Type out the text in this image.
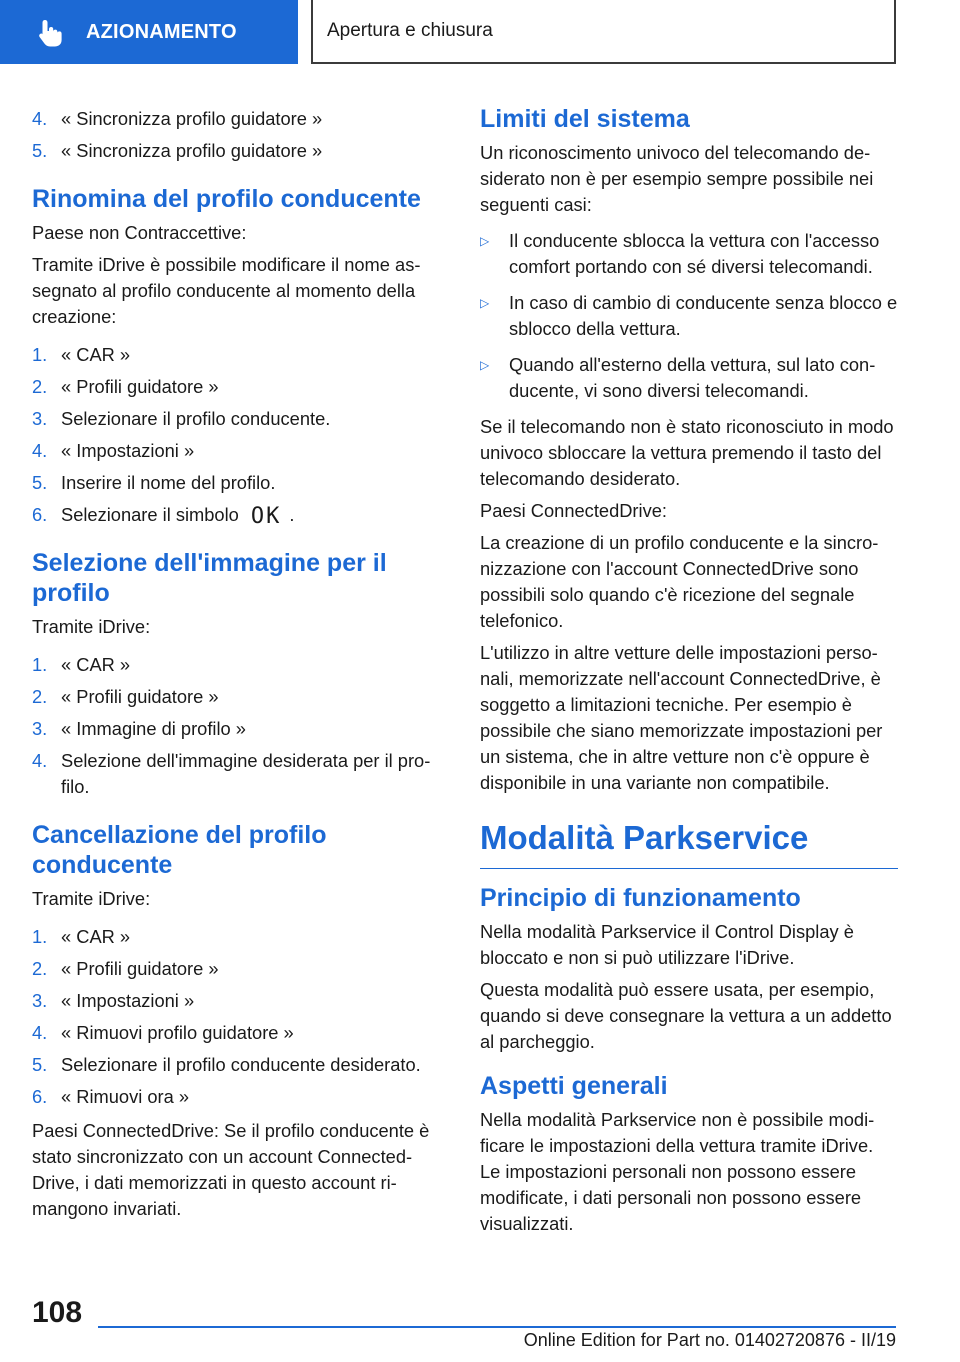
AZIONAMENTO	Apertura e chiusura
4. « Sincronizza profilo guidatore »
5. « Sincronizza profilo guidatore »
Rinomina del profilo conducente

Paese non Contraccettive:

Tramite iDrive è possibile modificare il nome assegnato al profilo conducente al momento della creazione:

1. « CAR »
2. « Profili guidatore »
3. Selezionare il profilo conducente.
4. « Impostazioni »
5. Inserire il nome del profilo.
6. Selezionare il simbolo OK .
Selezione dell'immagine per il profilo

Tramite iDrive:

1. « CAR »
2. « Profili guidatore »
3. « Immagine di profilo »
4. Selezione dell'immagine desiderata per il profilo.
Cancellazione del profilo conducente

Tramite iDrive:

1. « CAR »
2. « Profili guidatore »
3. « Impostazioni »
4. « Rimuovi profilo guidatore »
5. Selezionare il profilo conducente desiderato.
6. « Rimuovi ora »

Paesi ConnectedDrive: Se il profilo conducente è stato sincronizzato con un account ConnectedDrive, i dati memorizzati in questo account rimangono invariati.

Limiti del sistema

Un riconoscimento univoco del telecomando desiderato non è per esempio sempre possibile nei seguenti casi:

▷	Il conducente sblocca la vettura con l'accesso comfort portando con sé diversi telecomandi.
▷	In caso di cambio di conducente senza blocco e sblocco della vettura.
▷	Quando all'esterno della vettura, sul lato conducente, vi sono diversi telecomandi.

Se il telecomando non è stato riconosciuto in modo univoco sbloccare la vettura premendo il tasto del telecomando desiderato.

Paesi ConnectedDrive:

La creazione di un profilo conducente e la sincronizzazione con l'account ConnectedDrive sono possibili solo quando c'è ricezione del segnale telefonico.

L'utilizzo in altre vetture delle impostazioni personali, memorizzate nell'account ConnectedDrive, è soggetto a limitazioni tecniche. Per esempio è possibile che siano memorizzate impostazioni per un sistema, che in altre vetture non c'è oppure è disponibile in una variante non compatibile.

Modalità Parkservice
Principio di funzionamento

Nella modalità Parkservice il Control Display è bloccato e non si può utilizzare l'iDrive.

Questa modalità può essere usata, per esempio, quando si deve consegnare la vettura a un addetto al parcheggio.

Aspetti generali

Nella modalità Parkservice non è possibile modificare le impostazioni della vettura tramite iDrive. Le impostazioni personali non possono essere modificate, i dati personali non possono essere visualizzati.

108
Online Edition for Part no. 01402720876 - II/19
